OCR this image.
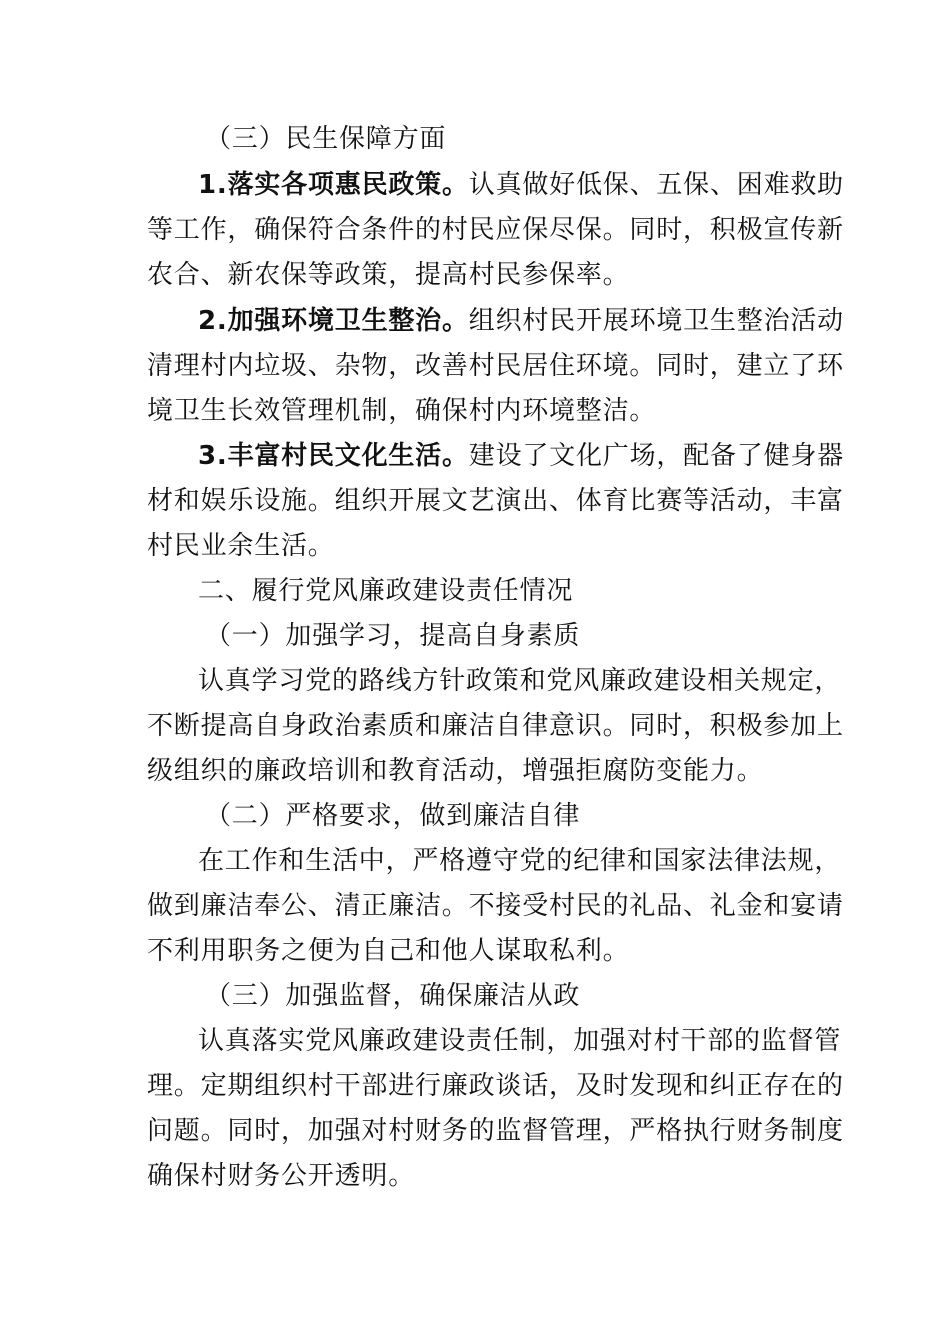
（三）民生保障方面
1.落实各项惠民政策。认真做好低保、五保、困难救助
等工作，确保符合条件的村民应保尽保。同时，积极宣传新
农合、新农保等政策，提高村民参保率。
2.加强环境卫生整治。组织村民开展环境卫生整治活动
清理村内垃圾、杂物，改善村民居住环境。同时，建立了环
境卫生长效管理机制，确保村内环境整洁。
3.丰富村民文化生活。建设了文化广场，配备了健身器
材和娱乐设施。组织开展文艺演出、体育比赛等活动，丰富
村民业余生活。
二、履行党风廉政建设责任情况
（一）加强学习，提高自身素质
认真学习党的路线方针政策和党风廉政建设相关规定，
不断提高自身政治素质和廉洁自律意识。同时，积极参加上
级组织的廉政培训和教育活动，增强拒腐防变能力。
（二）严格要求，做到廉洁自律
在工作和生活中，严格遵守党的纪律和国家法律法规，
做到廉洁奉公、清正廉洁。不接受村民的礼品、礼金和宴请
不利用职务之便为自己和他人谋取私利。
（三）加强监督，确保廉洁从政
认真落实党风廉政建设责任制，加强对村干部的监督管
理。定期组织村干部进行廉政谈话，及时发现和纠正存在的
问题。同时，加强对村财务的监督管理，严格执行财务制度
确保村财务公开透明。
